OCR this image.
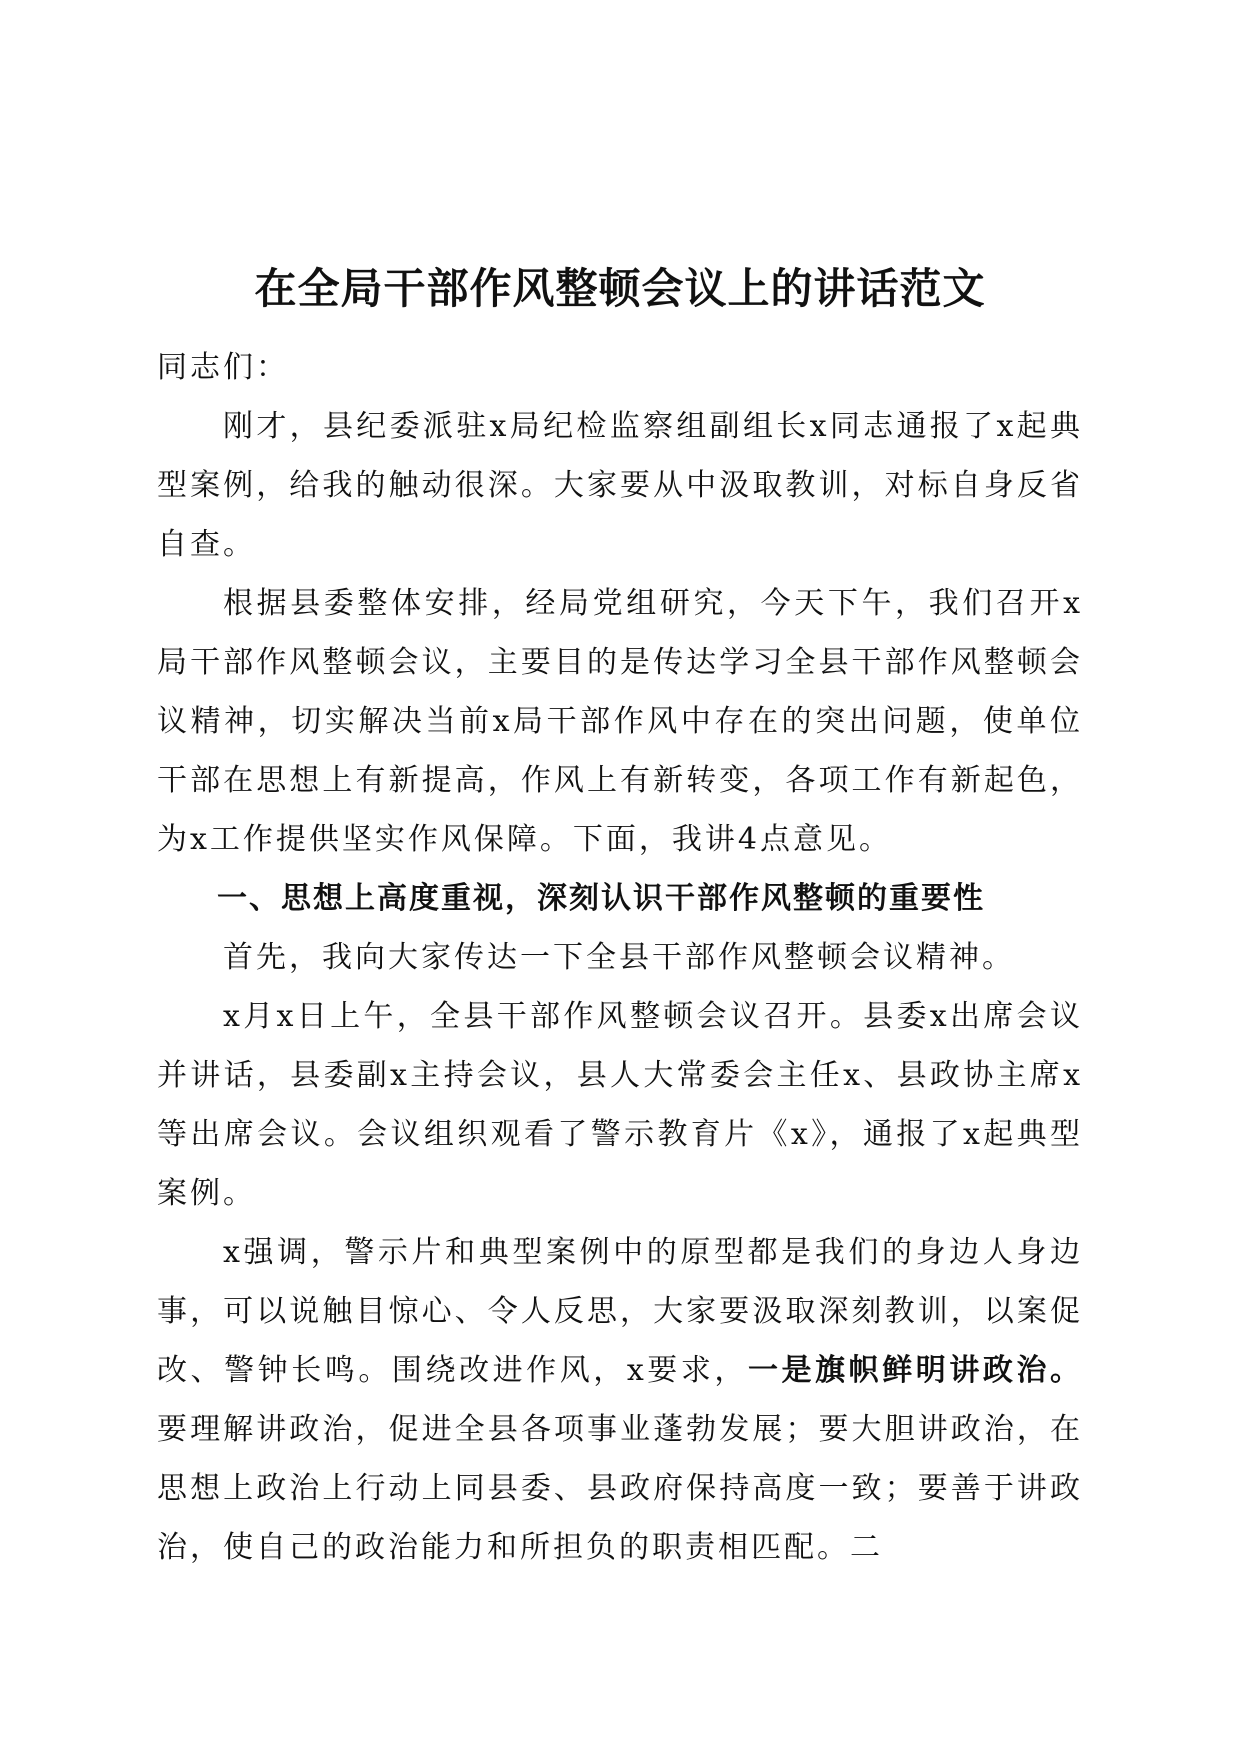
在全局干部作风整顿会议上的讲话范文

同志们：

刚才，县纪委派驻x局纪检监察组副组长x同志通报了x起典型案例，给我的触动很深。大家要从中汲取教训，对标自身反省自查。

根据县委整体安排，经局党组研究，今天下午，我们召开x局干部作风整顿会议，主要目的是传达学习全县干部作风整顿会议精神，切实解决当前x局干部作风中存在的突出问题，使单位干部在思想上有新提高，作风上有新转变，各项工作有新起色，为x工作提供坚实作风保障。下面，我讲4点意见。

一、思想上高度重视，深刻认识干部作风整顿的重要性

首先，我向大家传达一下全县干部作风整顿会议精神。

x月x日上午，全县干部作风整顿会议召开。县委x出席会议并讲话，县委副x主持会议，县人大常委会主任x、县政协主席x等出席会议。会议组织观看了警示教育片《x》，通报了x起典型案例。

x强调，警示片和典型案例中的原型都是我们的身边人身边事，可以说触目惊心、令人反思，大家要汲取深刻教训，以案促改、警钟长鸣。围绕改进作风，x要求，一是旗帜鲜明讲政治。要理解讲政治，促进全县各项事业蓬勃发展；要大胆讲政治，在思想上政治上行动上同县委、县政府保持高度一致；要善于讲政治，使自己的政治能力和所担负的职责相匹配。二
